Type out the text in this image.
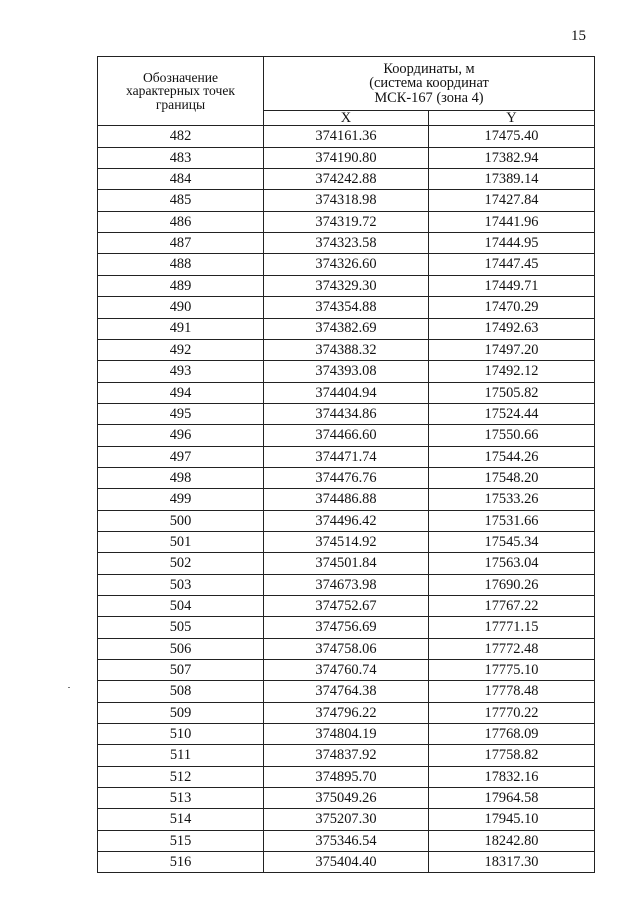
15
Обозначение
характерных точек
границы	Координаты, м
(система координат
МСК-167 (зона 4)	

	X	Y
482	374161.36	17475.40
483	374190.80	17382.94
484	374242.88	17389.14
485	374318.98	17427.84
486	374319.72	17441.96
487	374323.58	17444.95
488	374326.60	17447.45
489	374329.30	17449.71
490	374354.88	17470.29
491	374382.69	17492.63
492	374388.32	17497.20
493	374393.08	17492.12
494	374404.94	17505.82
495	374434.86	17524.44
496	374466.60	17550.66
497	374471.74	17544.26
498	374476.76	17548.20
499	374486.88	17533.26
500	374496.42	17531.66
501	374514.92	17545.34
502	374501.84	17563.04
503	374673.98	17690.26
504	374752.67	17767.22
505	374756.69	17771.15
506	374758.06	17772.48
507	374760.74	17775.10
508	374764.38	17778.48
509	374796.22	17770.22
510	374804.19	17768.09
511	374837.92	17758.82
512	374895.70	17832.16
513	375049.26	17964.58
514	375207.30	17945.10
515	375346.54	18242.80
516	375404.40	18317.30
